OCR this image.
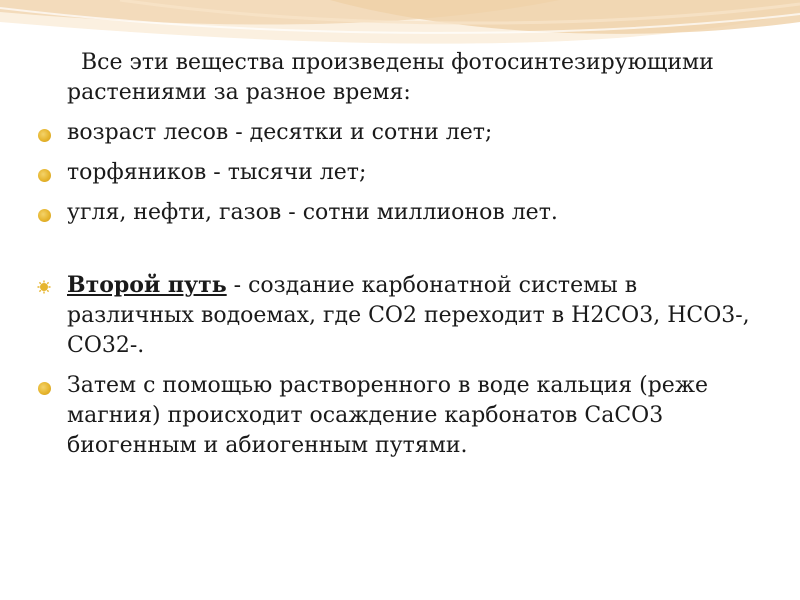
Все эти вещества произведены фотосинтезирующими растениями за разное время:

возраст лесов - десятки и сотни лет;
торфяников - тысячи лет;
угля, нефти, газов - сотни миллионов лет.
Второй путь - создание карбонатной системы в различных водоемах, где СО2 переходит в Н2СО3, НСО3-, СО32-.
Затем с помощью растворенного в воде кальция (реже магния) происходит осаждение карбонатов СаСО3 биогенным и абиогенным путями.
